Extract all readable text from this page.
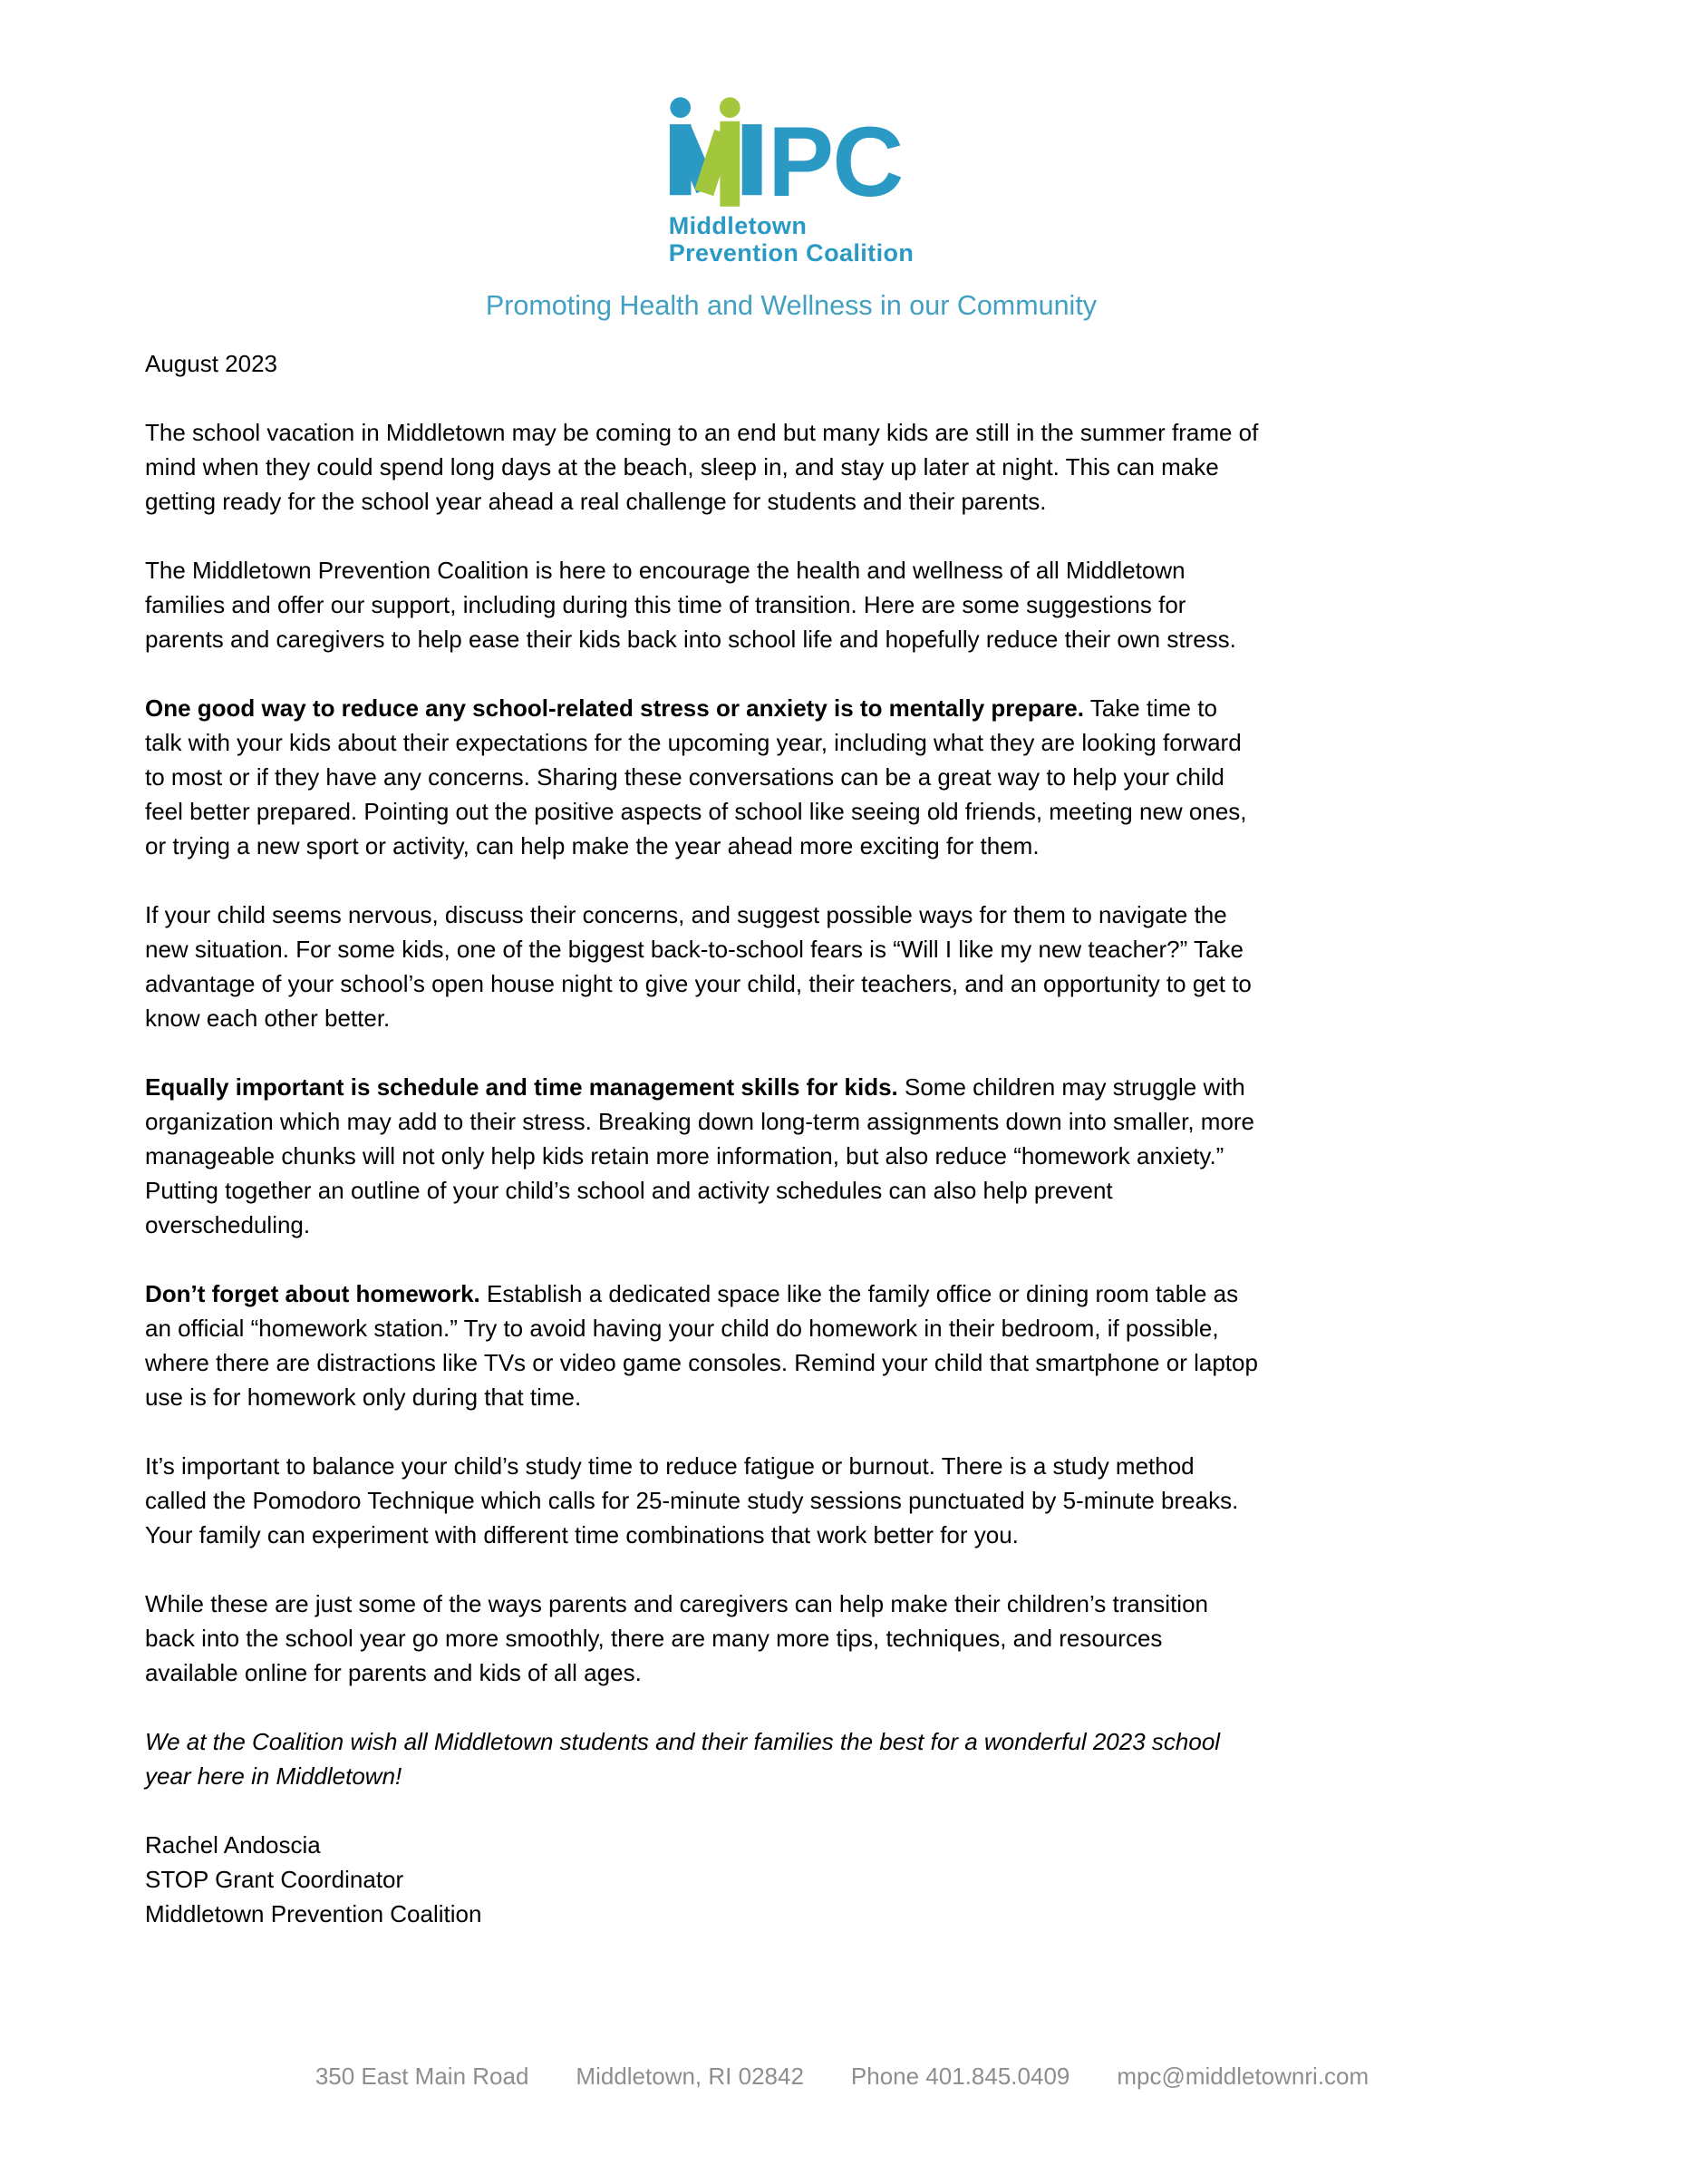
PC
Middletown
Prevention Coalition
Promoting Health and Wellness in our Community
August 2023

The school vacation in Middletown may be coming to an end but many kids are still in the summer frame of
mind when they could spend long days at the beach, sleep in, and stay up later at night. This can make
getting ready for the school year ahead a real challenge for students and their parents.

The Middletown Prevention Coalition is here to encourage the health and wellness of all Middletown
families and offer our support, including during this time of transition. Here are some suggestions for
parents and caregivers to help ease their kids back into school life and hopefully reduce their own stress.

One good way to reduce any school-related stress or anxiety is to mentally prepare. Take time to
talk with your kids about their expectations for the upcoming year, including what they are looking forward
to most or if they have any concerns. Sharing these conversations can be a great way to help your child
feel better prepared. Pointing out the positive aspects of school like seeing old friends, meeting new ones,
or trying a new sport or activity, can help make the year ahead more exciting for them.

If your child seems nervous, discuss their concerns, and suggest possible ways for them to navigate the
new situation. For some kids, one of the biggest back-to-school fears is “Will I like my new teacher?” Take
advantage of your school’s open house night to give your child, their teachers, and an opportunity to get to
know each other better.

Equally important is schedule and time management skills for kids. Some children may struggle with
organization which may add to their stress. Breaking down long-term assignments down into smaller, more
manageable chunks will not only help kids retain more information, but also reduce “homework anxiety.”
Putting together an outline of your child’s school and activity schedules can also help prevent
overscheduling.

Don’t forget about homework. Establish a dedicated space like the family office or dining room table as
an official “homework station.” Try to avoid having your child do homework in their bedroom, if possible,
where there are distractions like TVs or video game consoles. Remind your child that smartphone or laptop
use is for homework only during that time.

It’s important to balance your child’s study time to reduce fatigue or burnout. There is a study method
called the Pomodoro Technique which calls for 25-minute study sessions punctuated by 5-minute breaks.
Your family can experiment with different time combinations that work better for you.

While these are just some of the ways parents and caregivers can help make their children’s transition
back into the school year go more smoothly, there are many more tips, techniques, and resources
available online for parents and kids of all ages.

We at the Coalition wish all Middletown students and their families the best for a wonderful 2023 school
year here in Middletown!

Rachel Andoscia
STOP Grant Coordinator
Middletown Prevention Coalition
350 East Main Road Middletown, RI 02842 Phone 401.845.0409 mpc@middletownri.com
